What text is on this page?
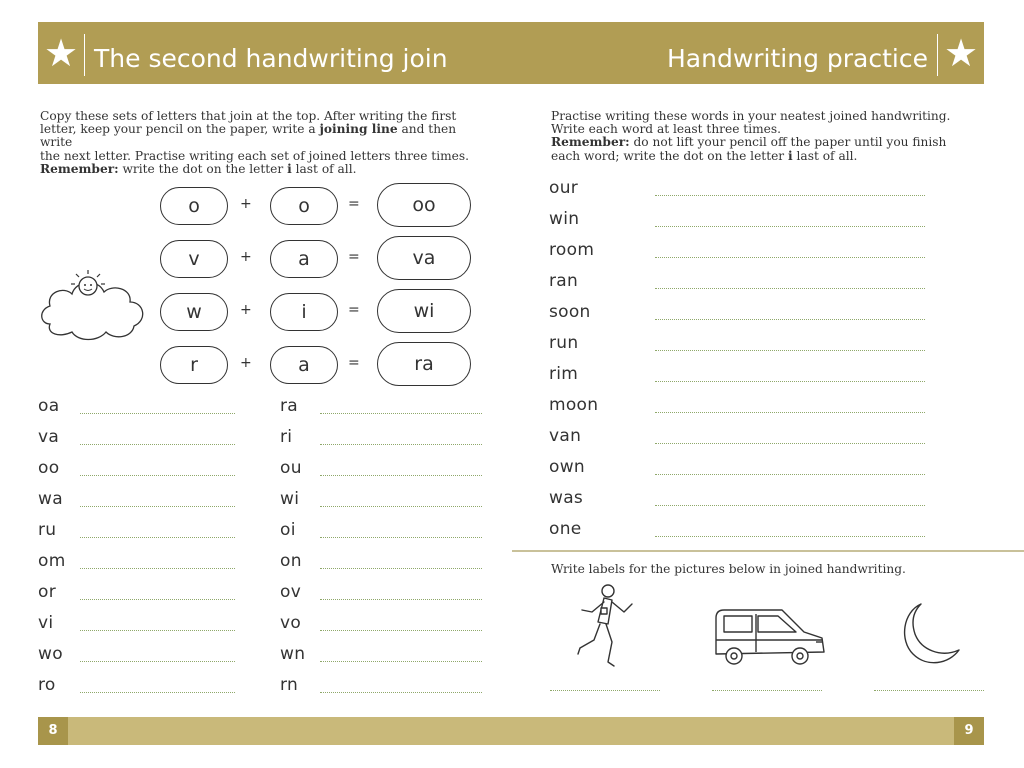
★ The second handwriting join	Handwriting practice ★
Copy these sets of letters that join at the top. After writing the first
letter, keep your pencil on the paper, write a joining line and then write
the next letter. Practise writing each set of joined letters three times.
Remember: write the dot on the letter i last of all.
o	+	o	=	oo
v	+	a	=	va
w	+	i	=	wi
r	+	a	=	ra
oa
va
oo
wa
ru
om
or
vi
wo
ro
ra
ri
ou
wi
oi
on
ov
vo
wn
rn
Practise writing these words in your neatest joined handwriting.
Write each word at least three times.
Remember: do not lift your pencil off the paper until you finish
each word; write the dot on the letter i last of all.
our
win
room
ran
soon
run
rim
moon
van
own
was
one
Write labels for the pictures below in joined handwriting.
8	9
